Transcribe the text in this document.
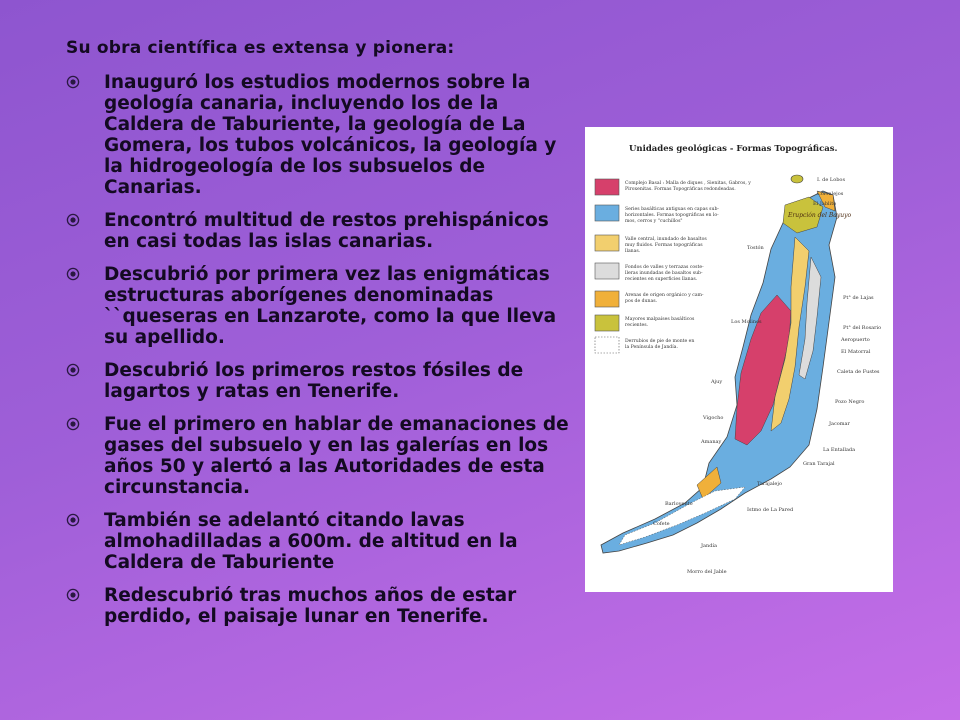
Su obra científica es extensa y pionera:

Inauguró los estudios modernos sobre la geología canaria, incluyendo los de la Caldera de Taburiente, la geología de La Gomera, los tubos volcánicos, la geología y la hidrogeología de los subsuelos de Canarias.
Encontró multitud de restos prehispánicos en casi todas las islas canarias.
Descubrió por primera vez las enigmáticas estructuras aborígenes denominadas ``queseras en Lanzarote, como la que lleva su apellido.
Descubrió los primeros restos fósiles de lagartos y ratas en Tenerife.
Fue el primero en hablar de emanaciones de gases del subsuelo y en las galerías en los años 50 y alertó a las Autoridades de esta circunstancia.
También se adelantó citando lavas almohadilladas a 600m. de altitud en la Caldera de Taburiente
Redescubrió tras muchos años de estar perdido, el paisaje lunar en Tenerife.
Unidades geológicas - Formas Topográficas.
Complejo Basal : Malla de diques , Sienitas, Gabros, y
Piroxenitas. Formas Topográficas redondeadas.
Series basálticas antiguas en capas sub-
horizontales. Formas topográficas en lo-
mos, cerros y "cuchillos"
Valle central, inundado de basaltos
muy fluidos. Formas topográficas
llanas.
Fondos de valles y terrazas coste-
lleras inundadas de basaltos sub-
recientes en superficies llanas.
Arenas de origen orgánico y cam-
pos de dunas.
Mayores malpaíses basálticos
recientes.
Derrubios de pie de monte en
la Península de Jandía.
Erupción del Bayuyo
I. de Lobos
Corralejos
El Jablito
Tostón
Pt° de Lajas
Los Molinos
Pt° del Rosario
Aeropuerto
El Matorral
Caleta de Fustes
Ajuy
Pozo Negro
Vigocho
Jacomar
Amanay
La Entallada
Gran Tarajal
Tarajalejo
Istmo de La Pared
Cofete
Jandía
Morro del Jable
Barlovento
